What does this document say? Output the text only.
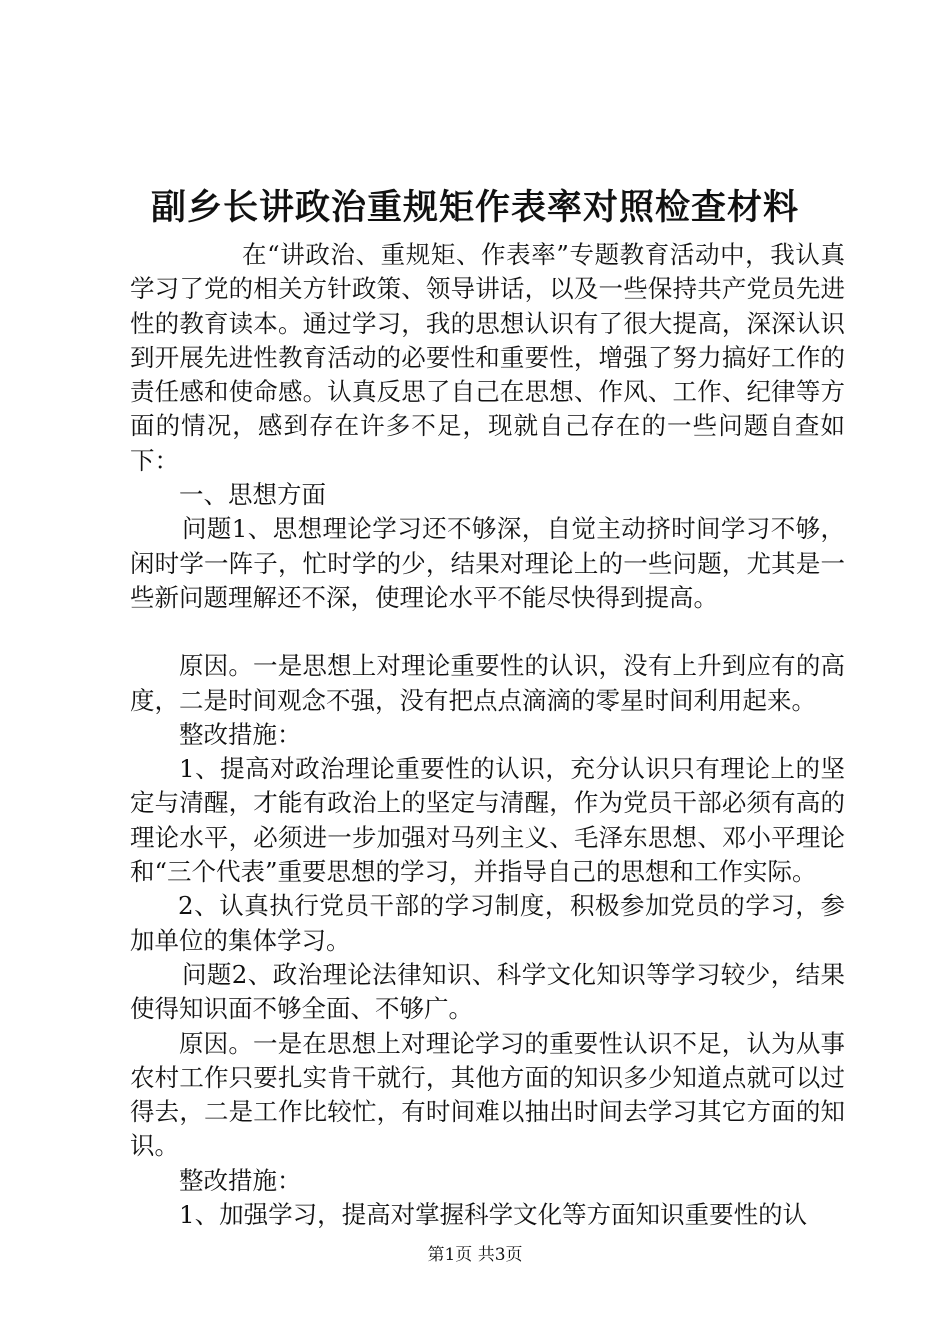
副乡长讲政治重规矩作表率对照检查材料

在“讲政治、重规矩、作表率”专题教育活动中，我认真学习了党的相关方针政策、领导讲话，以及一些保持共产党员先进性的教育读本。通过学习，我的思想认识有了很大提高，深深认识到开展先进性教育活动的必要性和重要性，增强了努力搞好工作的责任感和使命感。认真反思了自己在思想、作风、工作、纪律等方面的情况，感到存在许多不足，现就自己存在的一些问题自查如下：

一、思想方面

问题1、思想理论学习还不够深，自觉主动挤时间学习不够，闲时学一阵子，忙时学的少，结果对理论上的一些问题，尤其是一些新问题理解还不深，使理论水平不能尽快得到提高。

原因。一是思想上对理论重要性的认识，没有上升到应有的高度，二是时间观念不强，没有把点点滴滴的零星时间利用起来。

整改措施：

1、提高对政治理论重要性的认识，充分认识只有理论上的坚定与清醒，才能有政治上的坚定与清醒，作为党员干部必须有高的理论水平，必须进一步加强对马列主义、毛泽东思想、邓小平理论和“三个代表”重要思想的学习，并指导自己的思想和工作实际。

2、认真执行党员干部的学习制度，积极参加党员的学习，参加单位的集体学习。

问题2、政治理论法律知识、科学文化知识等学习较少，结果使得知识面不够全面、不够广。

原因。一是在思想上对理论学习的重要性认识不足，认为从事农村工作只要扎实肯干就行，其他方面的知识多少知道点就可以过得去，二是工作比较忙，有时间难以抽出时间去学习其它方面的知识。

整改措施：

1、加强学习，提高对掌握科学文化等方面知识重要性的认

第1页 共3页
